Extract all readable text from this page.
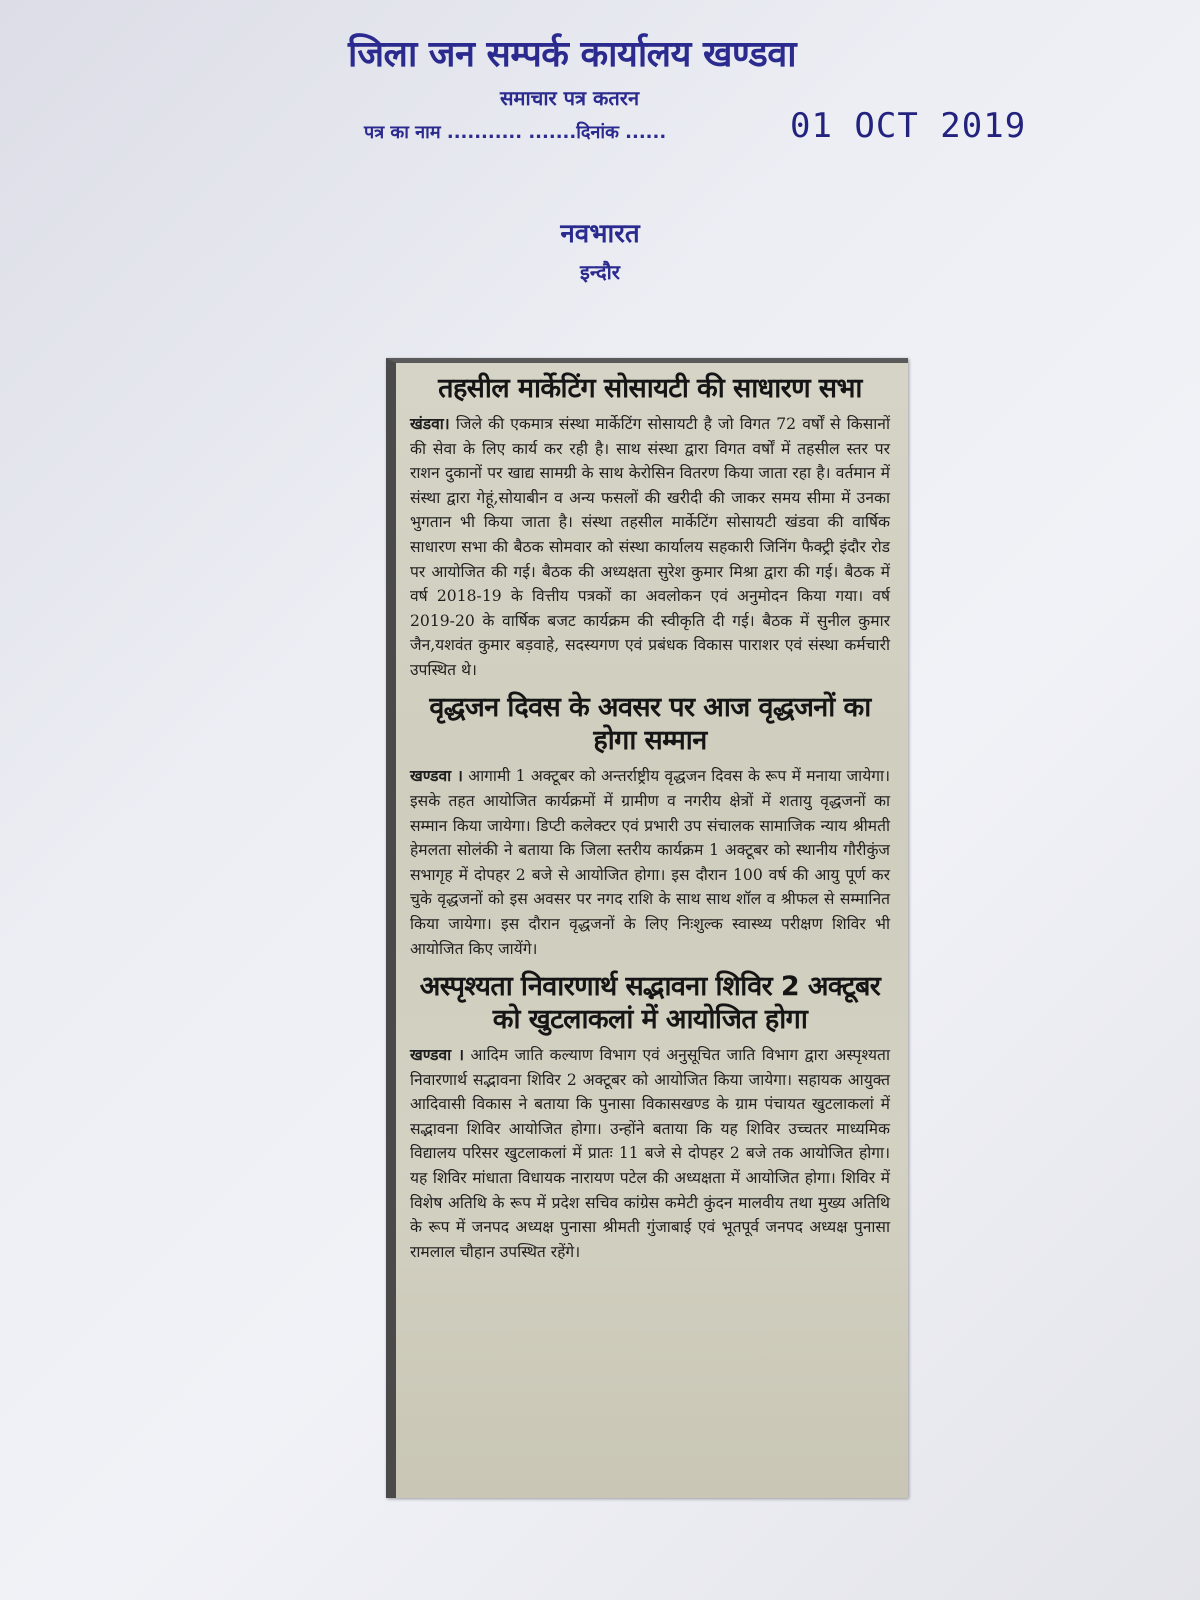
जिला जन सम्पर्क कार्यालय खण्डवा
समाचार पत्र कतरन
पत्र का नाम ........... .......दिनांक ......	01 OCT 2019
नवभारत
इन्दौर
तहसील मार्केटिंग सोसायटी की साधारण सभा

खंडवा। जिले की एकमात्र संस्था मार्केटिंग सोसायटी है जो विगत 72 वर्षों से किसानों की सेवा के लिए कार्य कर रही है। साथ संस्था द्वारा विगत वर्षों में तहसील स्तर पर राशन दुकानों पर खाद्य सामग्री के साथ केरोसिन वितरण किया जाता रहा है। वर्तमान में संस्था द्वारा गेहूं,सोयाबीन व अन्य फसलों की खरीदी की जाकर समय सीमा में उनका भुगतान भी किया जाता है। संस्था तहसील मार्केटिंग सोसायटी खंडवा की वार्षिक साधारण सभा की बैठक सोमवार को संस्था कार्यालय सहकारी जिनिंग फैक्ट्री इंदौर रोड पर आयोजित की गई। बैठक की अध्यक्षता सुरेश कुमार मिश्रा द्वारा की गई। बैठक में वर्ष 2018-19 के वित्तीय पत्रकों का अवलोकन एवं अनुमोदन किया गया। वर्ष 2019-20 के वार्षिक बजट कार्यक्रम की स्वीकृति दी गई। बैठक में सुनील कुमार जैन,यशवंत कुमार बड़वाहे, सदस्यगण एवं प्रबंधक विकास पाराशर एवं संस्था कर्मचारी उपस्थित थे।

वृद्धजन दिवस के अवसर पर आज वृद्धजनों का होगा सम्मान

खण्डवा । आगामी 1 अक्टूबर को अन्तर्राष्ट्रीय वृद्धजन दिवस के रूप में मनाया जायेगा। इसके तहत आयोजित कार्यक्रमों में ग्रामीण व नगरीय क्षेत्रों में शतायु वृद्धजनों का सम्मान किया जायेगा। डिप्टी कलेक्टर एवं प्रभारी उप संचालक सामाजिक न्याय श्रीमती हेमलता सोलंकी ने बताया कि जिला स्तरीय कार्यक्रम 1 अक्टूबर को स्थानीय गौरीकुंज सभागृह में दोपहर 2 बजे से आयोजित होगा। इस दौरान 100 वर्ष की आयु पूर्ण कर चुके वृद्धजनों को इस अवसर पर नगद राशि के साथ साथ शॉल व श्रीफल से सम्मानित किया जायेगा। इस दौरान वृद्धजनों के लिए निःशुल्क स्वास्थ्य परीक्षण शिविर भी आयोजित किए जायेंगे।

अस्पृश्यता निवारणार्थ सद्भावना शिविर 2 अक्टूबर को खुटलाकलां में आयोजित होगा

खण्डवा । आदिम जाति कल्याण विभाग एवं अनुसूचित जाति विभाग द्वारा अस्पृश्यता निवारणार्थ सद्भावना शिविर 2 अक्टूबर को आयोजित किया जायेगा। सहायक आयुक्त आदिवासी विकास ने बताया कि पुनासा विकासखण्ड के ग्राम पंचायत खुटलाकलां में सद्भावना शिविर आयोजित होगा। उन्होंने बताया कि यह शिविर उच्चतर माध्यमिक विद्यालय परिसर खुटलाकलां में प्रातः 11 बजे से दोपहर 2 बजे तक आयोजित होगा। यह शिविर मांधाता विधायक नारायण पटेल की अध्यक्षता में आयोजित होगा। शिविर में विशेष अतिथि के रूप में प्रदेश सचिव कांग्रेस कमेटी कुंदन मालवीय तथा मुख्य अतिथि के रूप में जनपद अध्यक्ष पुनासा श्रीमती गुंजाबाई एवं भूतपूर्व जनपद अध्यक्ष पुनासा रामलाल चौहान उपस्थित रहेंगे।
